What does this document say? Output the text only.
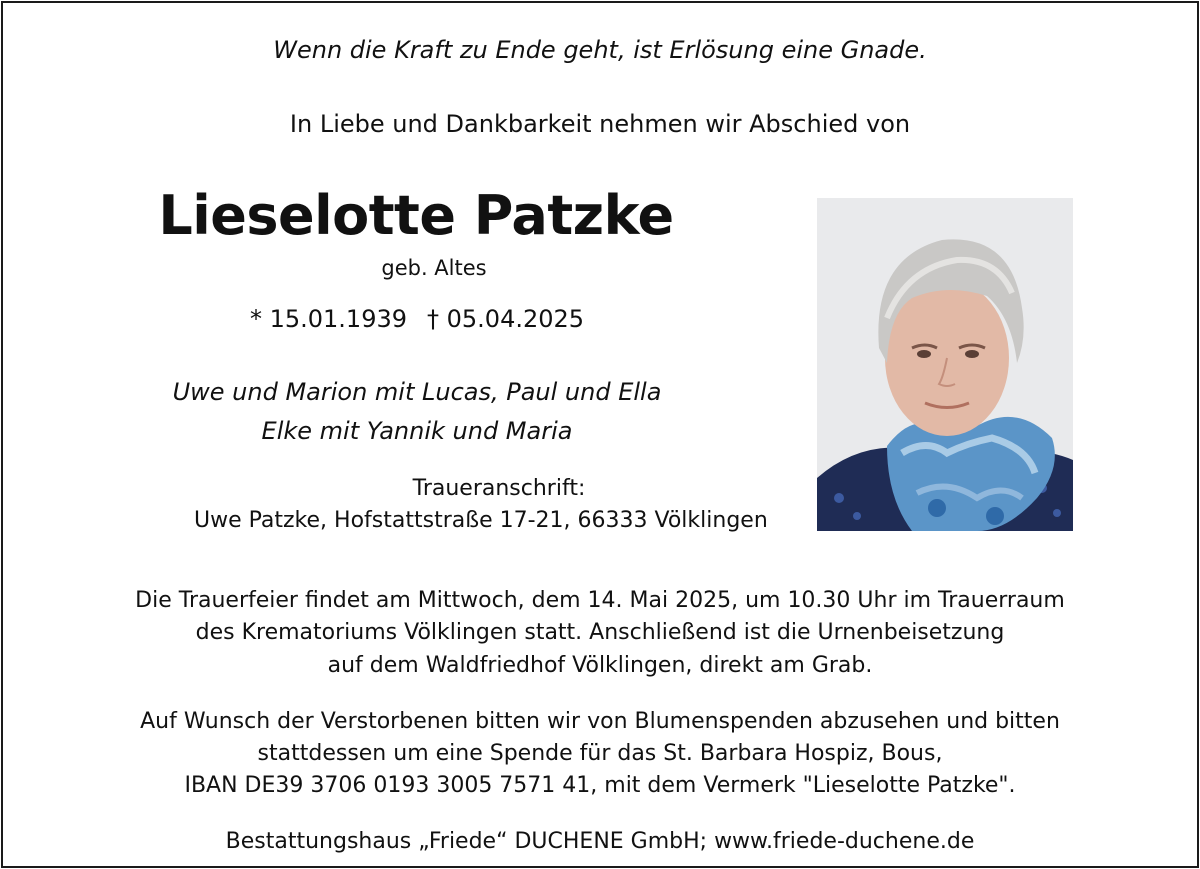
Wenn die Kraft zu Ende geht, ist Erlösung eine Gnade.
In Liebe und Dankbarkeit nehmen wir Abschied von
Lieselotte Patzke
geb. Altes
* 15.01.1939 † 05.04.2025
Uwe und Marion mit Lucas, Paul und Ella
Elke mit Yannik und Maria
Traueranschrift:
Uwe Patzke, Hofstattstraße 17-21, 66333 Völklingen
Die Trauerfeier findet am Mittwoch, dem 14. Mai 2025, um 10.30 Uhr im Trauerraum
des Krematoriums Völklingen statt. Anschließend ist die Urnenbeisetzung
auf dem Waldfriedhof Völklingen, direkt am Grab.
Auf Wunsch der Verstorbenen bitten wir von Blumenspenden abzusehen und bitten
stattdessen um eine Spende für das St. Barbara Hospiz, Bous,
IBAN DE39 3706 0193 3005 7571 41, mit dem Vermerk "Lieselotte Patzke".
Bestattungshaus „Friede“ DUCHENE GmbH; www.friede-duchene.de
